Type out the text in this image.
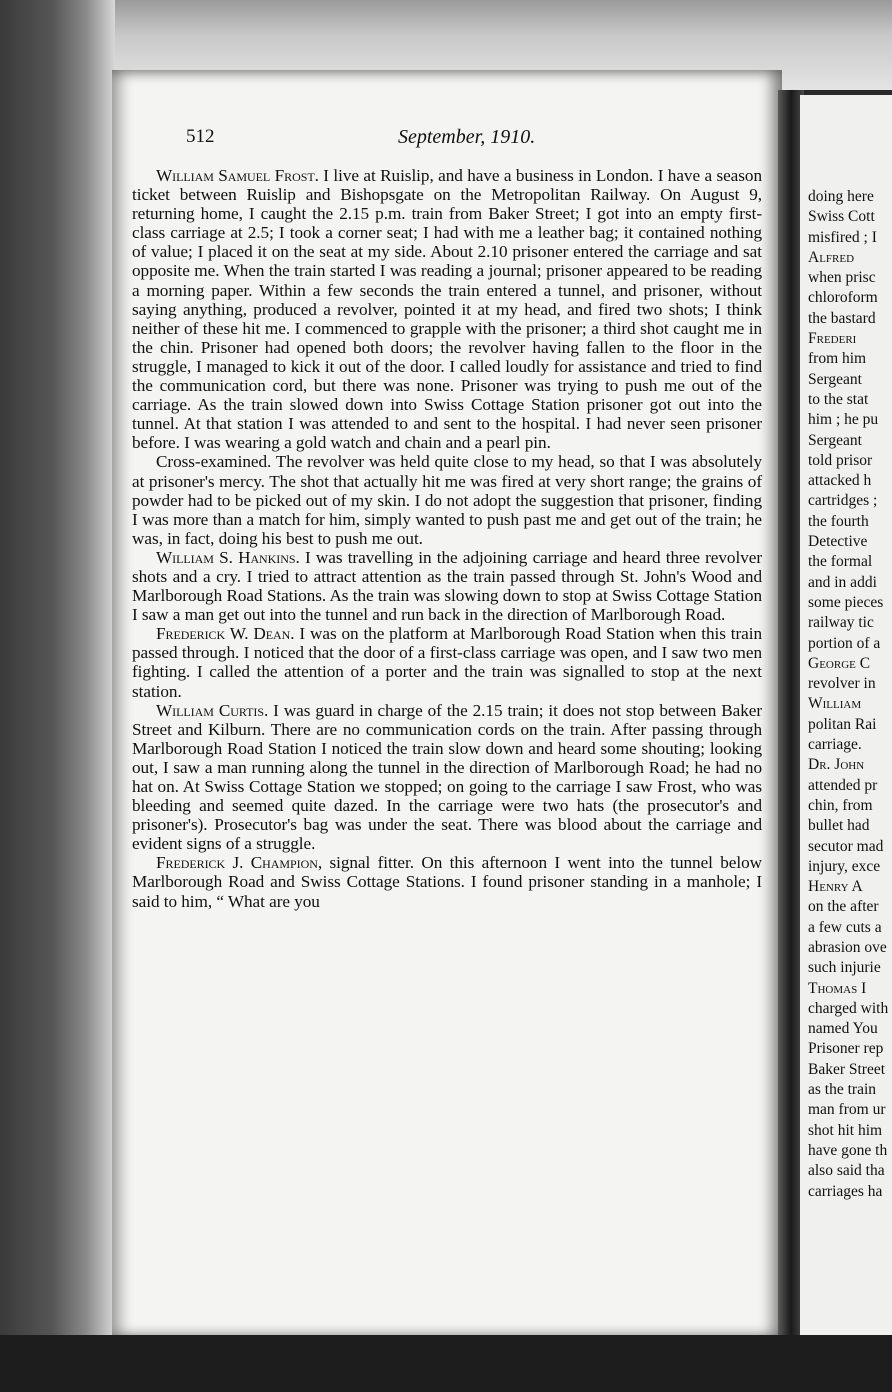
doing here
Swiss Cott
misfired ; I
Alfred
when prisc
chloroform
the bastard
Frederi
from him
Sergeant
to the stat
him ; he pu
Sergeant
told prisor
attacked h
cartridges ;
the fourth
Detective
the formal
and in addi
some pieces
railway tic
portion of a
George C
revolver in
William
politan Rai
carriage.
Dr. John
attended pr
chin, from
bullet had
secutor mad
injury, exce
Henry A
on the after
a few cuts a
abrasion ove
such injurie
Thomas I
charged with
named You
Prisoner rep
Baker Street
as the train
man from ur
shot hit him
have gone th
also said tha
carriages ha
512	September, 1910.

William Samuel Frost. I live at Ruislip, and have a business in London. I have a season ticket between Ruislip and Bishopsgate on the Metropolitan Railway. On August 9, returning home, I caught the 2.15 p.m. train from Baker Street; I got into an empty first-class carriage at 2.5; I took a corner seat; I had with me a leather bag; it contained nothing of value; I placed it on the seat at my side. About 2.10 prisoner entered the carriage and sat opposite me. When the train started I was reading a journal; prisoner appeared to be reading a morning paper. Within a few seconds the train entered a tunnel, and prisoner, without saying anything, produced a revolver, pointed it at my head, and fired two shots; I think neither of these hit me. I commenced to grapple with the prisoner; a third shot caught me in the chin. Prisoner had opened both doors; the revolver having fallen to the floor in the struggle, I managed to kick it out of the door. I called loudly for assistance and tried to find the communication cord, but there was none. Prisoner was trying to push me out of the carriage. As the train slowed down into Swiss Cottage Station prisoner got out into the tunnel. At that station I was attended to and sent to the hospital. I had never seen prisoner before. I was wearing a gold watch and chain and a pearl pin.

Cross-examined. The revolver was held quite close to my head, so that I was absolutely at prisoner's mercy. The shot that actually hit me was fired at very short range; the grains of powder had to be picked out of my skin. I do not adopt the suggestion that prisoner, finding I was more than a match for him, simply wanted to push past me and get out of the train; he was, in fact, doing his best to push me out.

William S. Hankins. I was travelling in the adjoining carriage and heard three revolver shots and a cry. I tried to attract attention as the train passed through St. John's Wood and Marlborough Road Stations. As the train was slowing down to stop at Swiss Cottage Station I saw a man get out into the tunnel and run back in the direction of Marlborough Road.

Frederick W. Dean. I was on the platform at Marlborough Road Station when this train passed through. I noticed that the door of a first-class carriage was open, and I saw two men fighting. I called the attention of a porter and the train was signalled to stop at the next station.

William Curtis. I was guard in charge of the 2.15 train; it does not stop between Baker Street and Kilburn. There are no communication cords on the train. After passing through Marlborough Road Station I noticed the train slow down and heard some shouting; looking out, I saw a man running along the tunnel in the direction of Marlborough Road; he had no hat on. At Swiss Cottage Station we stopped; on going to the carriage I saw Frost, who was bleeding and seemed quite dazed. In the carriage were two hats (the prosecutor's and prisoner's). Prosecutor's bag was under the seat. There was blood about the carriage and evident signs of a struggle.

Frederick J. Champion, signal fitter. On this afternoon I went into the tunnel below Marlborough Road and Swiss Cottage Stations. I found prisoner standing in a manhole; I said to him, “ What are you
